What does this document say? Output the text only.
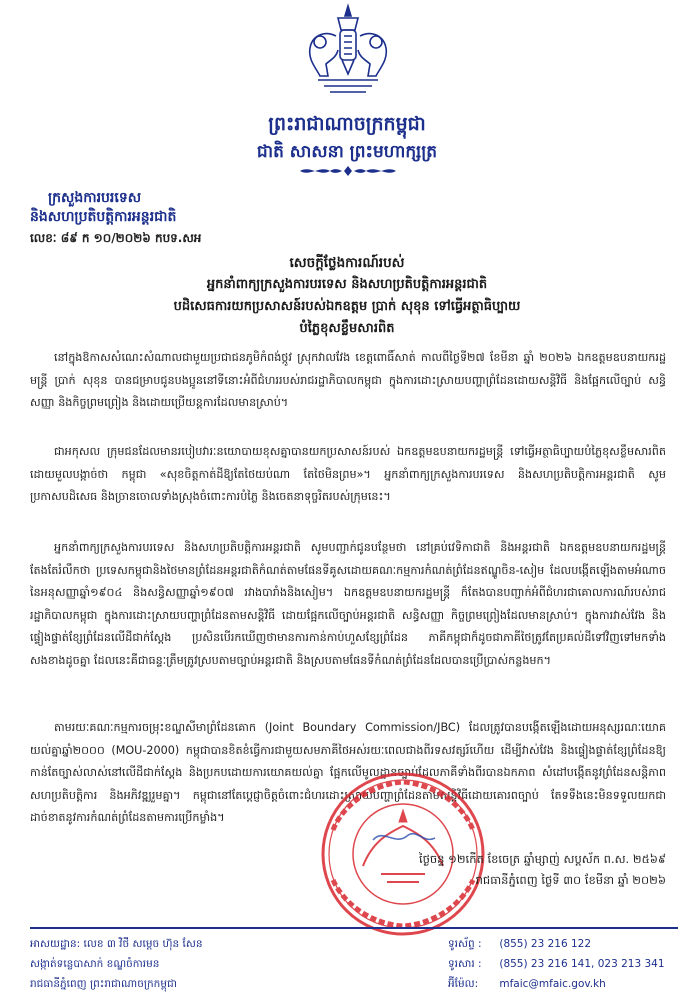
ព្រះរាជាណាចក្រកម្ពុជា
ជាតិ សាសនា ព្រះមហាក្សត្រ
ក្រសួងការបរទេស
និងសហប្រតិបត្តិការអន្តរជាតិ
លេខៈ ៨៩ ក ១០/២០២៦ កបទ.សអ
សេចក្តីថ្លែងការណ៍របស់
អ្នកនាំពាក្យក្រសួងការបរទេស និងសហប្រតិបត្តិការអន្តរជាតិ
បដិសេធការយកប្រសាសន៍របស់ឯកឧត្តម ប្រាក់ សុខុន ទៅធ្វើអត្ថាធិប្បាយ
បំភ្លៃខុសខ្លឹមសារពិត
នៅក្នុងឱកាសសំណេះសំណាលជាមួយប្រជាជនភូមិកំពង់ថ្កូវ ស្រុកវាលវែង ខេត្តពោធិ៍សាត់ កាលពីថ្ងៃទី២៧ ខែមីនា ឆ្នាំ ២០២៦ ឯកឧត្តមឧបនាយករដ្ឋមន្ត្រី ប្រាក់ សុខុន បានជម្រាបជូនបងប្អូននៅទីនោះអំពីជំហររបស់រាជរដ្ឋាភិបាលកម្ពុជា ក្នុងការដោះស្រាយបញ្ហាព្រំដែនដោយសន្តិវិធី និងផ្អែកលើច្បាប់ សន្ធិសញ្ញា និងកិច្ចព្រមព្រៀង និងដោយប្រើយន្តការដែលមានស្រាប់។
ជាអកុសល ក្រុមជនដែលមានរបៀបវារៈនយោបាយខុសគ្នាបានយកប្រសាសន៍របស់ ឯកឧត្តមឧបនាយករដ្ឋមន្ត្រី ទៅធ្វើអត្ថាធិប្បាយបំភ្លៃខុសខ្លឹមសារពិត ដោយមួលបង្កាច់ថា កម្ពុជា «សុខចិត្តកាត់ដីឱ្យតែថៃយប់ណា តែថៃមិនព្រម»។ អ្នកនាំពាក្យក្រសួងការបរទេស និងសហប្រតិបត្តិការអន្តរជាតិ សូមប្រកាសបដិសេធ និងច្រានចោលទាំងស្រុងចំពោះការបំភ្លៃ និងចេតនាទុច្ចរិតរបស់ក្រុមនេះ។
អ្នកនាំពាក្យក្រសួងការបរទេស និងសហប្រតិបត្តិការអន្តរជាតិ សូមបញ្ជាក់ជូនបន្ថែមថា នៅគ្រប់វេទិកាជាតិ និងអន្តរជាតិ ឯកឧត្តមឧបនាយករដ្ឋមន្ត្រី តែងតែរំលឹកថា ប្រទេសកម្ពុជានិងថៃមានព្រំដែនអន្តរជាតិកំណត់តាមផែនទីគូសដោយគណៈកម្មការកំណត់ព្រំដែនឥណ្ឌូចិន-សៀម ដែលបង្កើតឡើងតាមអំណាចនៃអនុសញ្ញាឆ្នាំ១៩០៤ និងសន្ធិសញ្ញាឆ្នាំ១៩០៧ រវាងបារាំងនិងសៀម។ ឯកឧត្តមឧបនាយករដ្ឋមន្ត្រី ក៏តែងបានបញ្ជាក់អំពីជំហរជាគោលការណ៍របស់រាជរដ្ឋាភិបាលកម្ពុជា ក្នុងការដោះស្រាយបញ្ហាព្រំដែនតាមសន្តិវិធី ដោយផ្អែកលើច្បាប់អន្តរជាតិ សន្ធិសញ្ញា កិច្ចព្រមព្រៀងដែលមានស្រាប់។ ក្នុងការវាស់វែង និងផ្ទៀងផ្ទាត់ខ្សែព្រំដែនលើដីជាក់ស្តែង ប្រសិនបើរកឃើញថាមានការកាន់កាប់ហួសខ្សែព្រំដែន ភាគីកម្ពុជាក៏ដូចជាភាគីថៃត្រូវតែប្រគល់ដីទៅវិញទៅមកទាំងសងខាងដូចគ្នា ដែលនេះគឺជាធន្ទៈត្រឹមត្រូវស្របតាមច្បាប់អន្តរជាតិ និងស្របតាមផែនទីកំណត់ព្រំដែនដែលបានប្រើប្រាស់កន្លងមក។
តាមរយៈគណៈកម្មការចម្រុះខណ្ឌសីមាព្រំដែនគោក (Joint Boundary Commission/JBC) ដែលត្រូវបានបង្កើតឡើងដោយអនុស្សរណៈយោគយល់គ្នាឆ្នាំ២០០០ (MOU-2000) កម្ពុជាបានខិតខំធ្វើការជាមួយសមភាគីថៃអស់រយៈពេលជាងពីរទសវត្សរ៍ហើយ ដើម្បីវាស់វែង និងផ្ទៀងផ្ទាត់ខ្សែព្រំដែនឱ្យកាន់តែច្បាស់លាស់នៅលើដីជាក់ស្តែង និងប្រកបដោយការយោគយល់គ្នា ផ្អែកលើមូលដ្ឋានច្បាប់ដែលភាគីទាំងពីរបានឯកភាព សំដៅបង្កើតនូវព្រំដែនសន្តិភាព សហប្រតិបត្តិការ និងអភិវឌ្ឍរួមគ្នា។ កម្ពុជានៅតែប្តេជ្ញាចិត្តចំពោះជំហរដោះស្រាយបញ្ហាព្រំដែនតាមសន្តិវិធីដោយគោរពច្បាប់ តែទទឹងនេះមិនទទួលយកជាដាច់ខាតនូវការកំណត់ព្រំដែនតាមការប្រើកម្លាំង។
ថ្ងៃចន្ទ ១២កើត ខែចេត្រ ឆ្នាំម្សាញ់ សប្តស័ក ព.ស. ២៥៦៩
រាជធានីភ្នំពេញ ថ្ងៃទី ៣០ ខែមីនា ឆ្នាំ ២០២៦
អាសយដ្ឋាន: លេខ ៣ វិថី សម្តេច ហ៊ុន សែន
សង្កាត់ទន្លេបាសាក់ ខណ្ឌចំការមន
រាជធានីភ្នំពេញ ព្រះរាជាណាចក្រកម្ពុជា
ទូរស័ព្ទ : (855) 23 216 122
ទូរសារ : (855) 23 216 141, 023 213 341
អ៊ីម៉ែល: mfaic@mfaic.gov.kh
